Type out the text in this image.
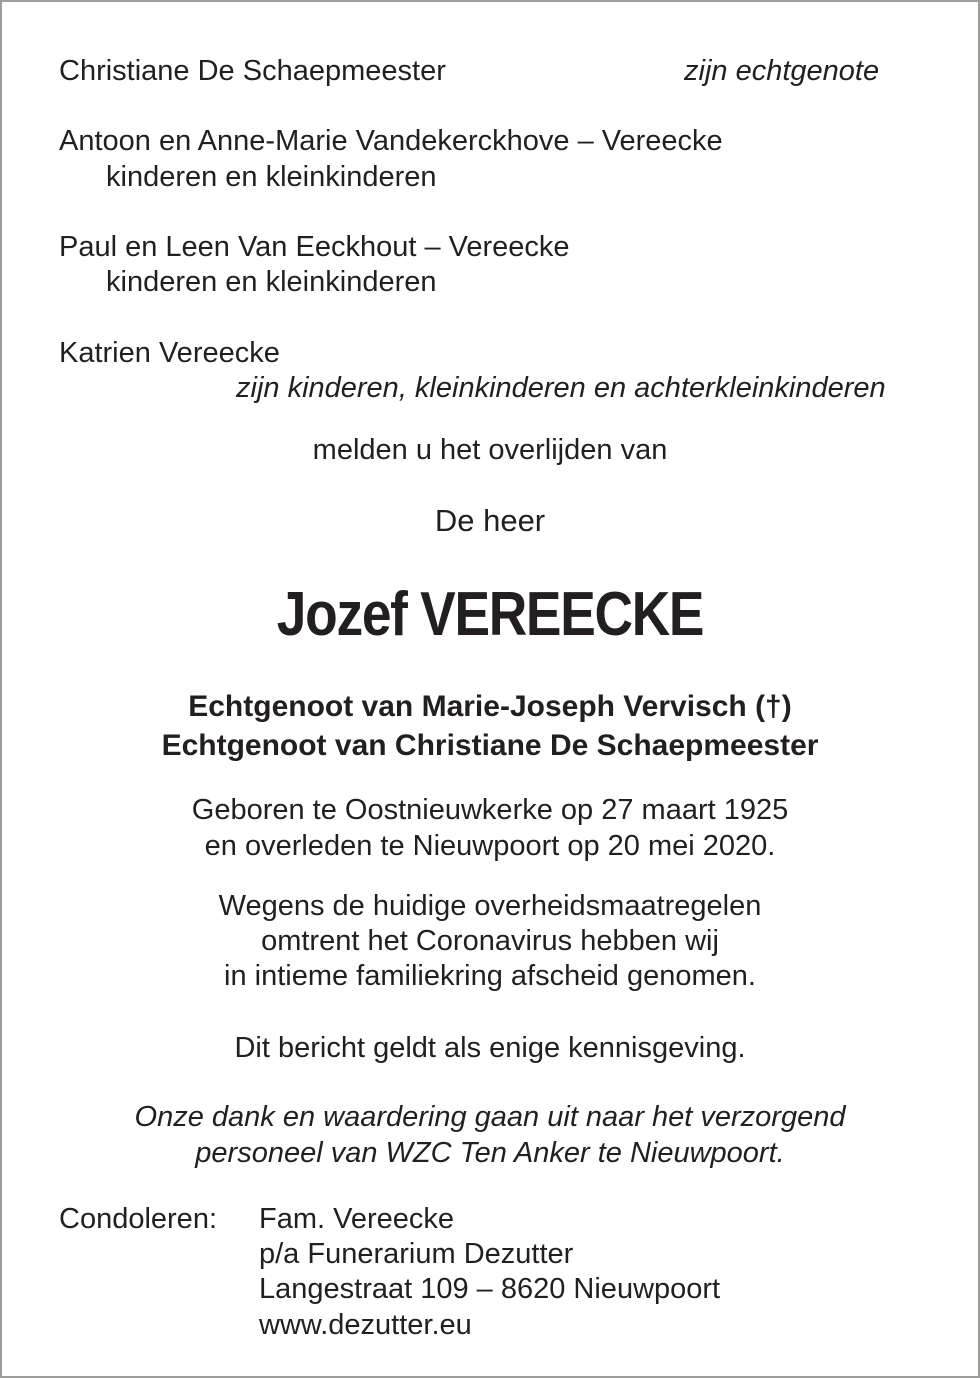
Christiane De Schaepmeester	zijn echtgenote
Antoon en Anne-Marie Vandekerckhove – Vereecke
kinderen en kleinkinderen
Paul en Leen Van Eeckhout – Vereecke
kinderen en kleinkinderen
Katrien Vereecke
zijn kinderen, kleinkinderen en achterkleinkinderen
melden u het overlijden van
De heer
Jozef VEREECKE
Echtgenoot van Marie-Joseph Vervisch (†)
Echtgenoot van Christiane De Schaepmeester
Geboren te Oostnieuwkerke op 27 maart 1925
en overleden te Nieuwpoort op 20 mei 2020.
Wegens de huidige overheidsmaatregelen
omtrent het Coronavirus hebben wij
in intieme familiekring afscheid genomen.
Dit bericht geldt als enige kennisgeving.
Onze dank en waardering gaan uit naar het verzorgend
personeel van WZC Ten Anker te Nieuwpoort.
Condoleren: Fam. Vereecke
p/a Funerarium Dezutter
Langestraat 109 – 8620 Nieuwpoort
www.dezutter.eu
